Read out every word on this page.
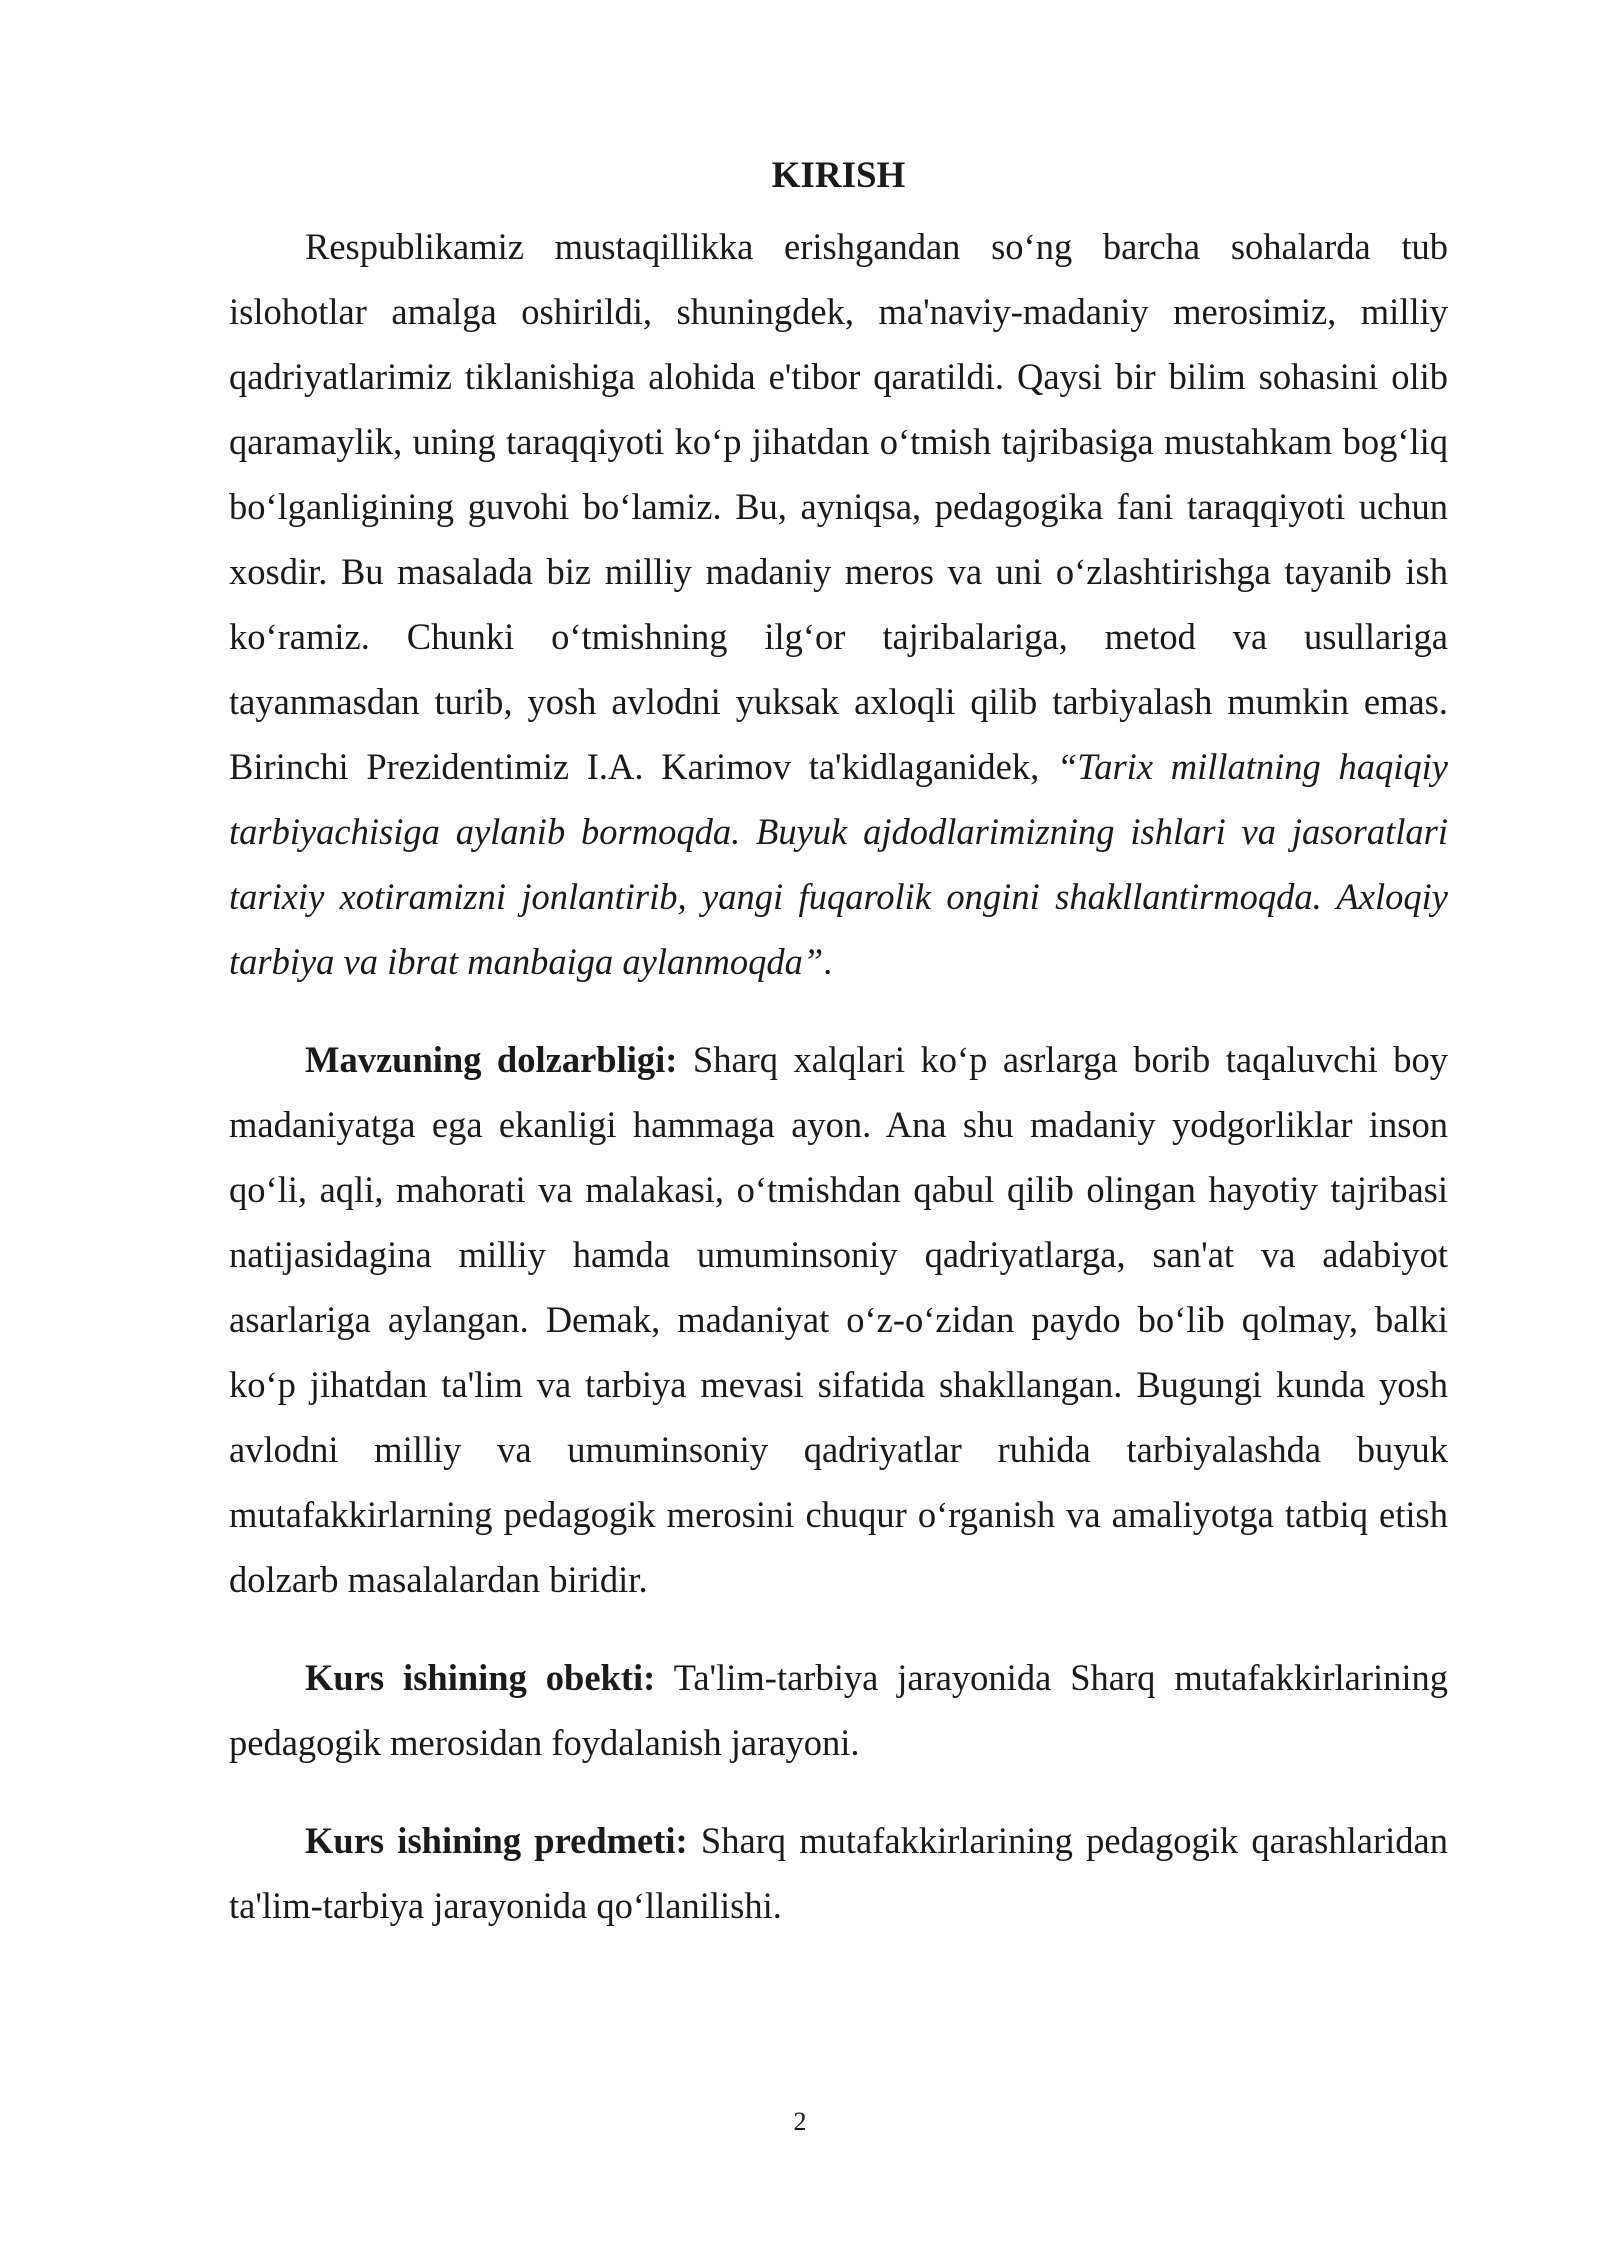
KIRISH

Respublikamiz mustaqillikka erishgandan so‘ng barcha sohalarda tub islohotlar amalga oshirildi, shuningdek, ma'naviy-madaniy merosimiz, milliy qadriyatlarimiz tiklanishiga alohida e'tibor qaratildi. Qaysi bir bilim sohasini olib qaramaylik, uning taraqqiyoti ko‘p jihatdan o‘tmish tajribasiga mustahkam bog‘liq bo‘lganligining guvohi bo‘lamiz. Bu, ayniqsa, pedagogika fani taraqqiyoti uchun xosdir. Bu masalada biz milliy madaniy meros va uni o‘zlashtirishga tayanib ish ko‘ramiz. Chunki o‘tmishning ilg‘or tajribalariga, metod va usullariga tayanmasdan turib, yosh avlodni yuksak axloqli qilib tarbiyalash mumkin emas. Birinchi Prezidentimiz I.A. Karimov ta'kidlaganidek, “Tarix millatning haqiqiy tarbiyachisiga aylanib bormoqda. Buyuk ajdodlarimizning ishlari va jasoratlari tarixiy xotiramizni jonlantirib, yangi fuqarolik ongini shakllantirmoqda. Axloqiy tarbiya va ibrat manbaiga aylanmoqda”.

Mavzuning dolzarbligi: Sharq xalqlari ko‘p asrlarga borib taqaluvchi boy madaniyatga ega ekanligi hammaga ayon. Ana shu madaniy yodgorliklar inson qo‘li, aqli, mahorati va malakasi, o‘tmishdan qabul qilib olingan hayotiy tajribasi natijasidagina milliy hamda umuminsoniy qadriyatlarga, san'at va adabiyot asarlariga aylangan. Demak, madaniyat o‘z-o‘zidan paydo bo‘lib qolmay, balki ko‘p jihatdan ta'lim va tarbiya mevasi sifatida shakllangan. Bugungi kunda yosh avlodni milliy va umuminsoniy qadriyatlar ruhida tarbiyalashda buyuk mutafakkirlarning pedagogik merosini chuqur o‘rganish va amaliyotga tatbiq etish dolzarb masalalardan biridir.

Kurs ishining obekti: Ta'lim-tarbiya jarayonida Sharq mutafakkirlarining pedagogik merosidan foydalanish jarayoni.

Kurs ishining predmeti: Sharq mutafakkirlarining pedagogik qarashlaridan ta'lim-tarbiya jarayonida qo‘llanilishi.

2
